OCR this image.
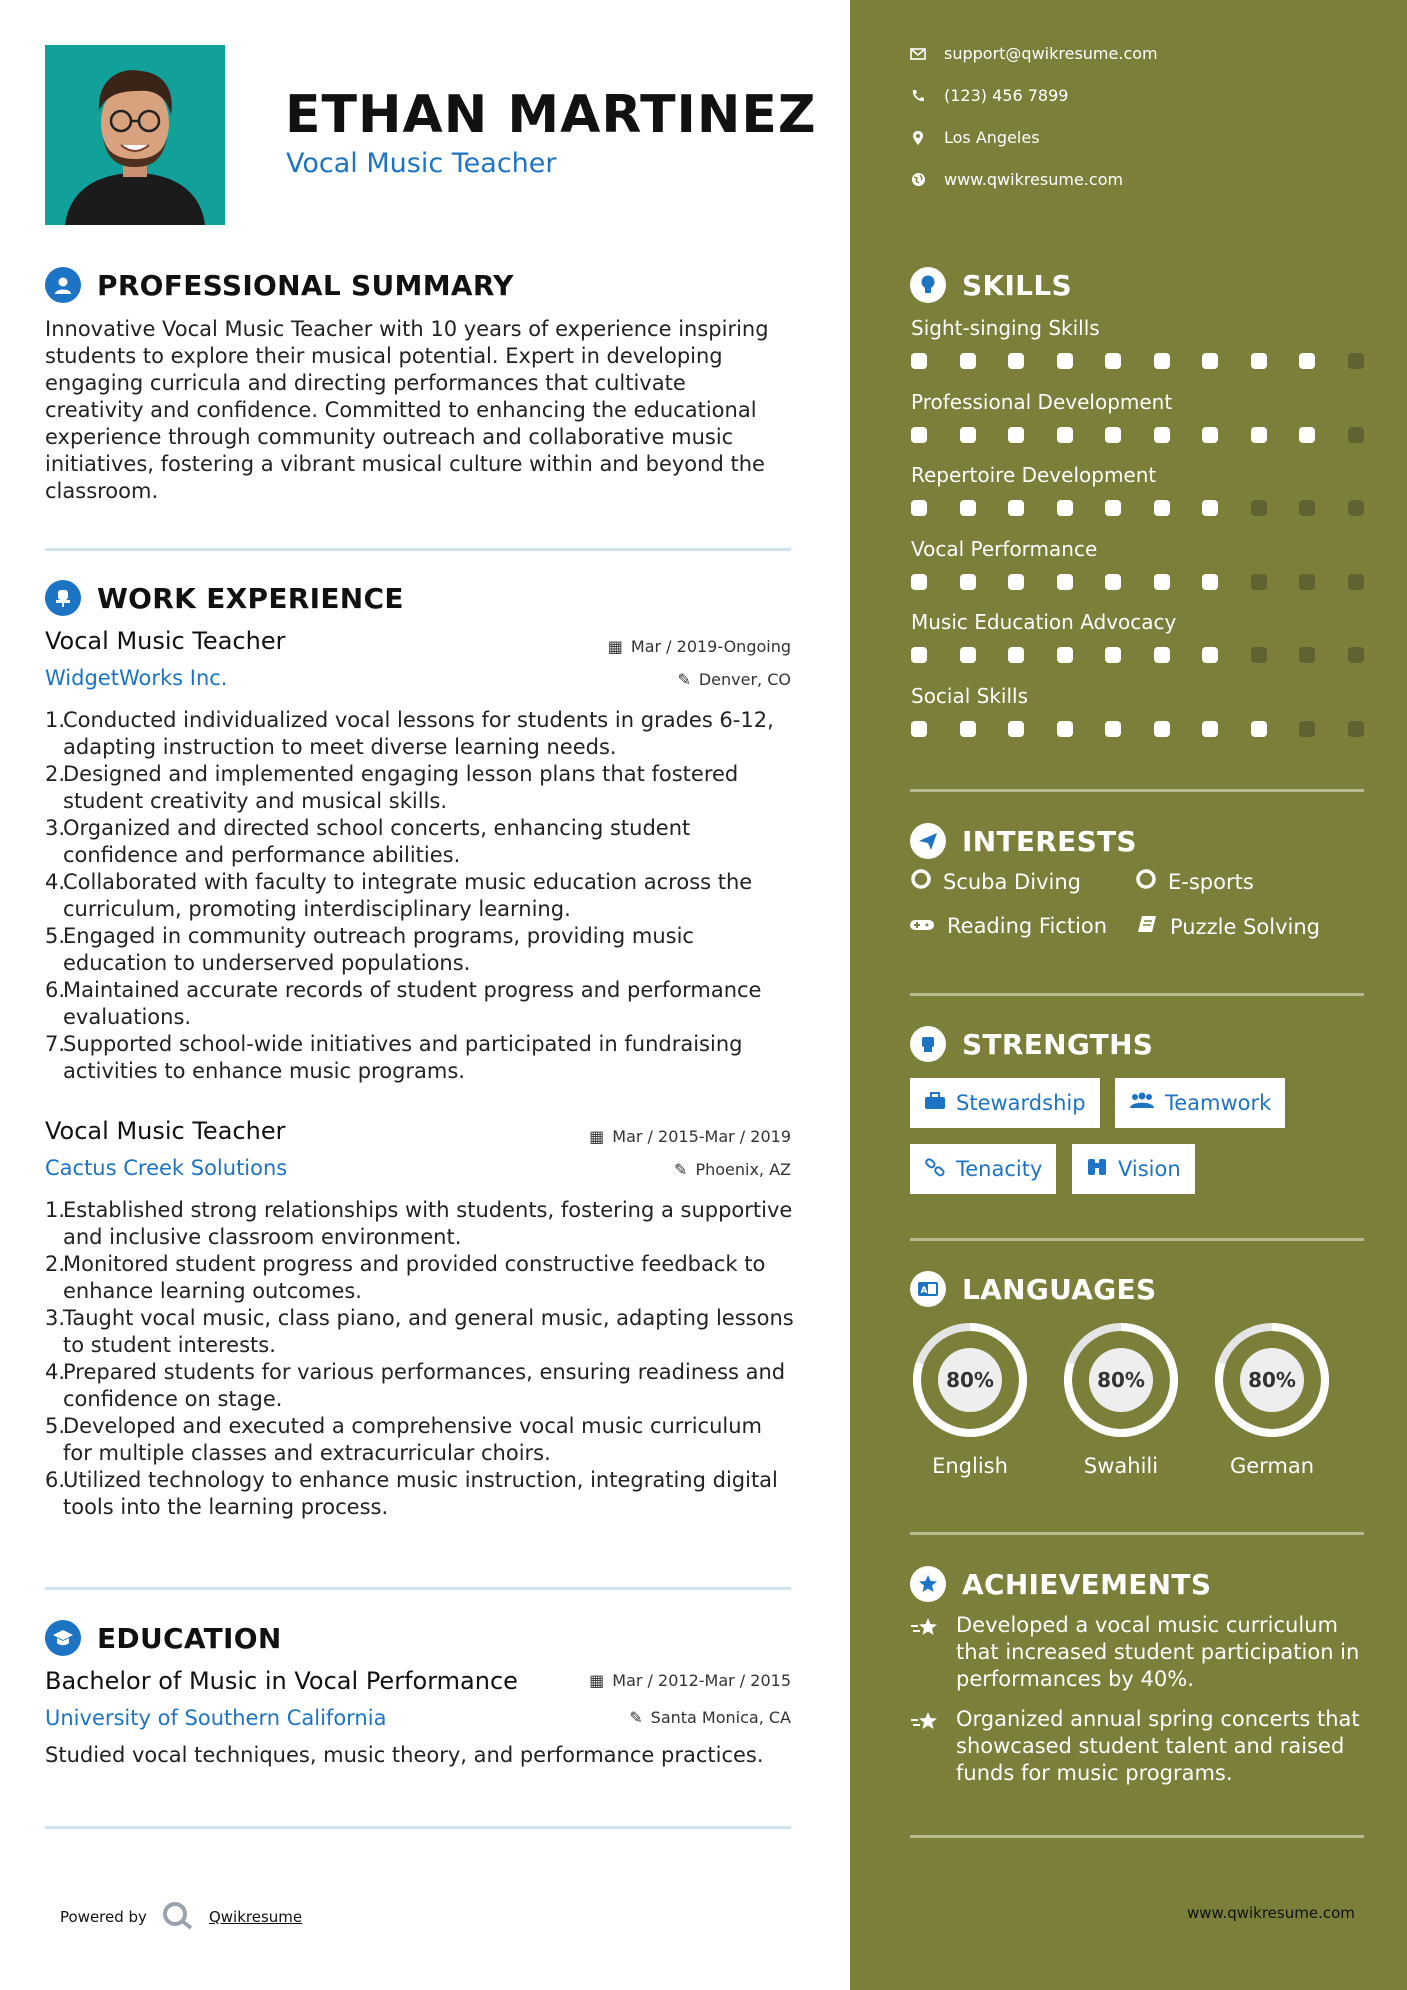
ETHAN MARTINEZ
Vocal Music Teacher
PROFESSIONAL SUMMARY
Innovative Vocal Music Teacher with 10 years of experience inspiring students to explore their musical potential. Expert in developing engaging curricula and directing performances that cultivate creativity and confidence. Committed to enhancing the educational experience through community outreach and collaborative music initiatives, fostering a vibrant musical culture within and beyond the classroom.
WORK EXPERIENCE
Vocal Music Teacher	▦ Mar / 2019-Ongoing
WidgetWorks Inc.	✎ Denver, CO
1.
Conducted individualized vocal lessons for students in grades 6-12, adapting instruction to meet diverse learning needs.
2.
Designed and implemented engaging lesson plans that fostered student creativity and musical skills.
3.
Organized and directed school concerts, enhancing student confidence and performance abilities.
4.
Collaborated with faculty to integrate music education across the curriculum, promoting interdisciplinary learning.
5.
Engaged in community outreach programs, providing music education to underserved populations.
6.
Maintained accurate records of student progress and performance evaluations.
7.
Supported school-wide initiatives and participated in fundraising activities to enhance music programs.
Vocal Music Teacher	▦ Mar / 2015-Mar / 2019
Cactus Creek Solutions	✎ Phoenix, AZ
1.
Established strong relationships with students, fostering a supportive and inclusive classroom environment.
2.
Monitored student progress and provided constructive feedback to enhance learning outcomes.
3.
Taught vocal music, class piano, and general music, adapting lessons to student interests.
4.
Prepared students for various performances, ensuring readiness and confidence on stage.
5.
Developed and executed a comprehensive vocal music curriculum for multiple classes and extracurricular choirs.
6.
Utilized technology to enhance music instruction, integrating digital tools into the learning process.
EDUCATION
Bachelor of Music in Vocal Performance	▦ Mar / 2012-Mar / 2015
University of Southern California	✎ Santa Monica, CA
Studied vocal techniques, music theory, and performance practices.
Powered by	Qwikresume
support@qwikresume.com
(123) 456 7899
Los Angeles
www.qwikresume.com
SKILLS
Sight-singing Skills
Professional Development
Repertoire Development
Vocal Performance
Music Education Advocacy
Social Skills
INTERESTS
Scuba Diving	E-sports
Reading Fiction	Puzzle Solving
STRENGTHS
Stewardship	Teamwork
Tenacity	Vision
A LANGUAGES
80%
English
80%
Swahili
80%
German
ACHIEVEMENTS
Developed a vocal music curriculum that increased student participation in performances by 40%.
Organized annual spring concerts that showcased student talent and raised funds for music programs.
www.qwikresume.com
